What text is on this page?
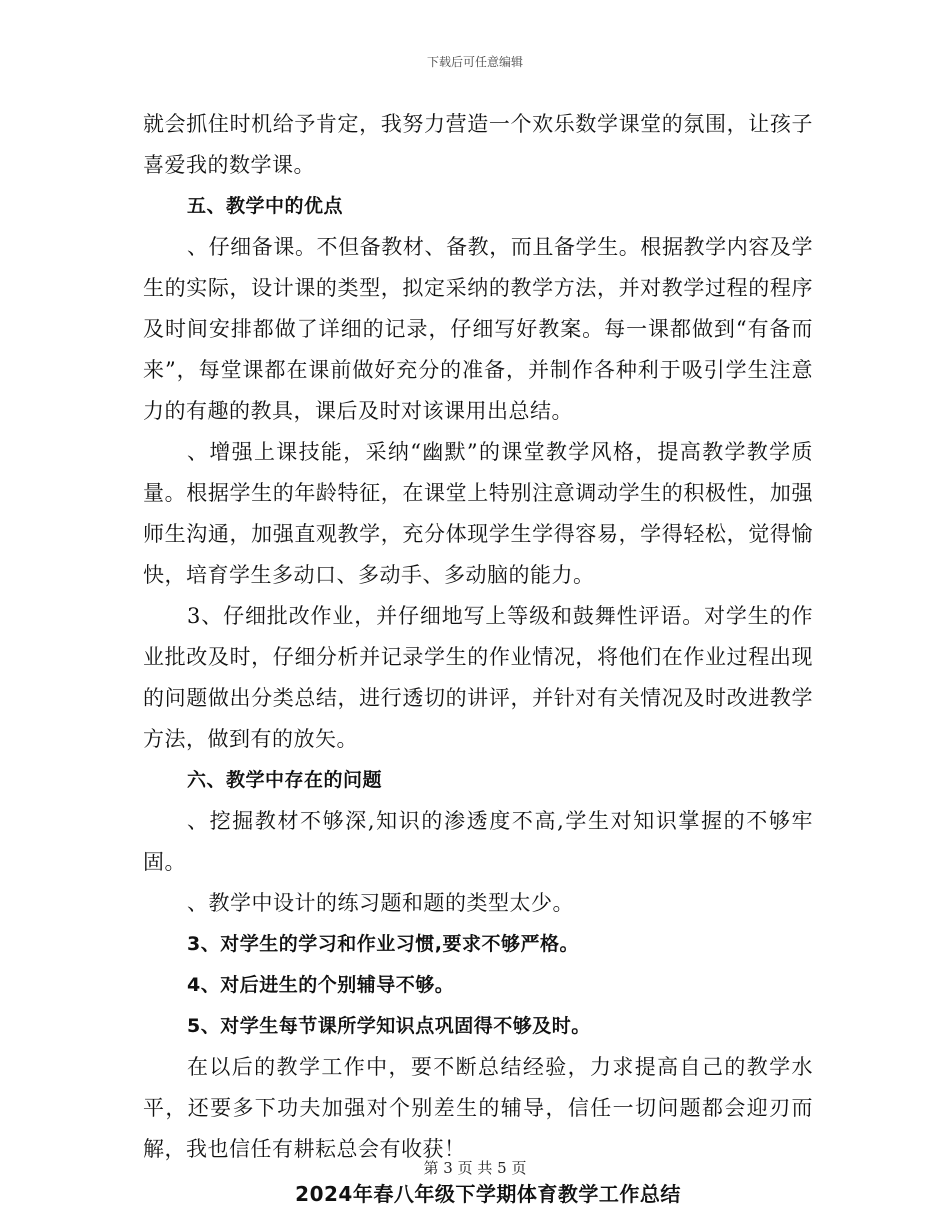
下载后可任意编辑

就会抓住时机给予肯定，我努力营造一个欢乐数学课堂的氛围，让孩子喜爱我的数学课。

五、教学中的优点

、仔细备课。不但备教材、备教，而且备学生。根据教学内容及学生的实际，设计课的类型，拟定采纳的教学方法，并对教学过程的程序及时间安排都做了详细的记录，仔细写好教案。每一课都做到“有备而来”，每堂课都在课前做好充分的准备，并制作各种利于吸引学生注意力的有趣的教具，课后及时对该课用出总结。

、增强上课技能，采纳“幽默”的课堂教学风格，提高教学教学质量。根据学生的年龄特征，在课堂上特别注意调动学生的积极性，加强师生沟通，加强直观教学，充分体现学生学得容易，学得轻松，觉得愉快，培育学生多动口、多动手、多动脑的能力。

3、仔细批改作业，并仔细地写上等级和鼓舞性评语。对学生的作业批改及时，仔细分析并记录学生的作业情况，将他们在作业过程出现的问题做出分类总结，进行透切的讲评，并针对有关情况及时改进教学方法，做到有的放矢。

六、教学中存在的问题

、挖掘教材不够深,知识的渗透度不高,学生对知识掌握的不够牢固。

、教学中设计的练习题和题的类型太少。

3、对学生的学习和作业习惯,要求不够严格。

4、对后进生的个别辅导不够。

5、对学生每节课所学知识点巩固得不够及时。

在以后的教学工作中，要不断总结经验，力求提高自己的教学水平，还要多下功夫加强对个别差生的辅导，信任一切问题都会迎刃而解，我也信任有耕耘总会有收获！

2024年春八年级下学期体育教学工作总结

第 3 页 共 5 页
